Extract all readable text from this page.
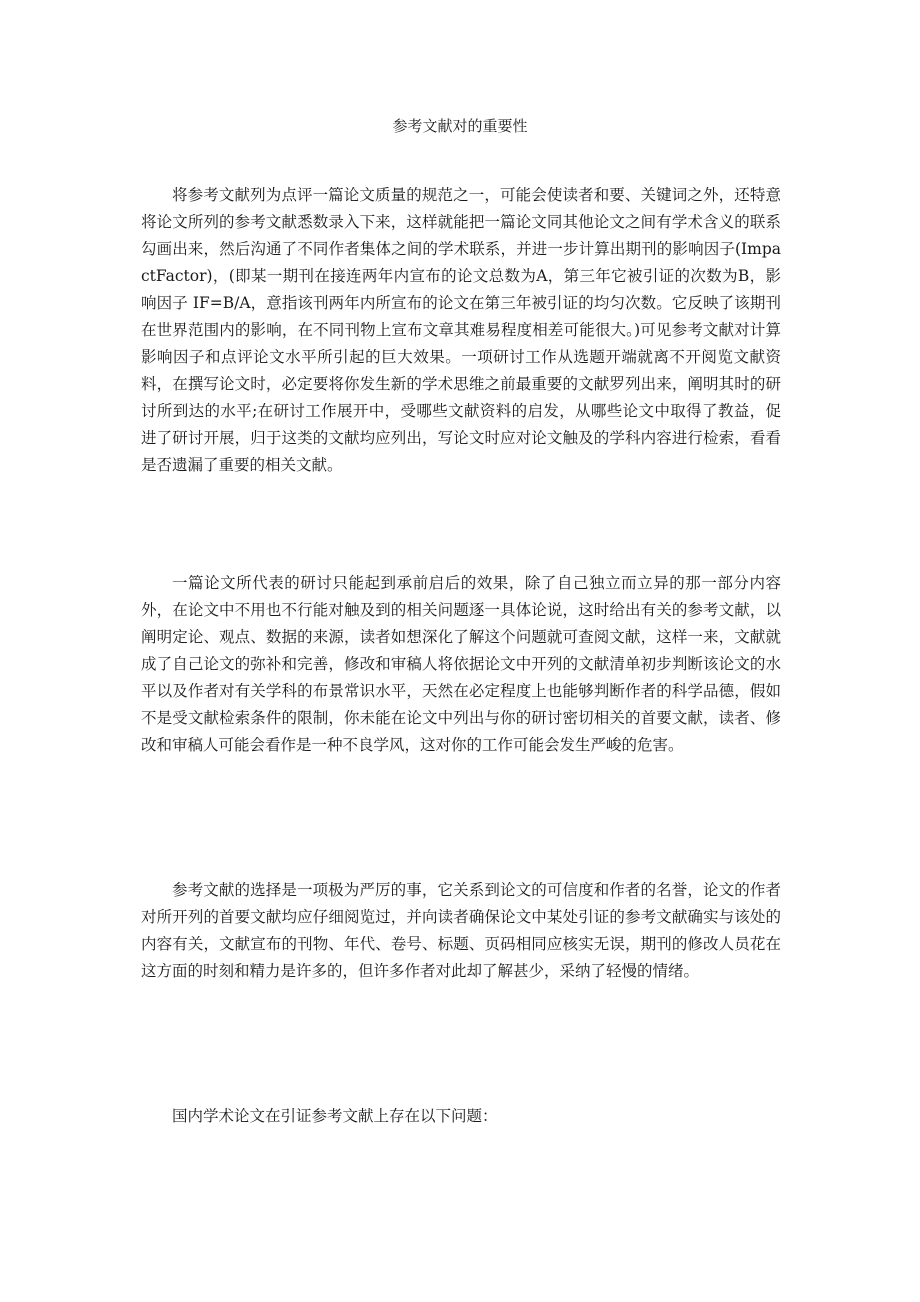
参考文献对的重要性

将参考文献列为点评一篇论文质量的规范之一，可能会使读者和要、关键词之外，还特意将论文所列的参考文献悉数录入下来，这样就能把一篇论文同其他论文之间有学术含义的联系勾画出来，然后沟通了不同作者集体之间的学术联系，并进一步计算出期刊的影响因子(ImpactFactor)，(即某一期刊在接连两年内宣布的论文总数为A，第三年它被引证的次数为B，影响因子 IF=B/A，意指该刊两年内所宣布的论文在第三年被引证的均匀次数。它反映了该期刊在世界范围内的影响，在不同刊物上宣布文章其难易程度相差可能很大。)可见参考文献对计算影响因子和点评论文水平所引起的巨大效果。一项研讨工作从选题开端就离不开阅览文献资料，在撰写论文时，必定要将你发生新的学术思维之前最重要的文献罗列出来，阐明其时的研讨所到达的水平;在研讨工作展开中，受哪些文献资料的启发，从哪些论文中取得了教益，促进了研讨开展，归于这类的文献均应列出，写论文时应对论文触及的学科内容进行检索，看看是否遗漏了重要的相关文献。

一篇论文所代表的研讨只能起到承前启后的效果，除了自己独立而立异的那一部分内容外，在论文中不用也不行能对触及到的相关问题逐一具体论说，这时给出有关的参考文献，以阐明定论、观点、数据的来源，读者如想深化了解这个问题就可查阅文献，这样一来，文献就成了自己论文的弥补和完善，修改和审稿人将依据论文中开列的文献清单初步判断该论文的水平以及作者对有关学科的布景常识水平，天然在必定程度上也能够判断作者的科学品德，假如不是受文献检索条件的限制，你未能在论文中列出与你的研讨密切相关的首要文献，读者、修改和审稿人可能会看作是一种不良学风，这对你的工作可能会发生严峻的危害。

参考文献的选择是一项极为严厉的事，它关系到论文的可信度和作者的名誉，论文的作者对所开列的首要文献均应仔细阅览过，并向读者确保论文中某处引证的参考文献确实与该处的内容有关，文献宣布的刊物、年代、卷号、标题、页码相同应核实无误，期刊的修改人员花在这方面的时刻和精力是许多的，但许多作者对此却了解甚少，采纳了轻慢的情绪。

国内学术论文在引证参考文献上存在以下问题：
